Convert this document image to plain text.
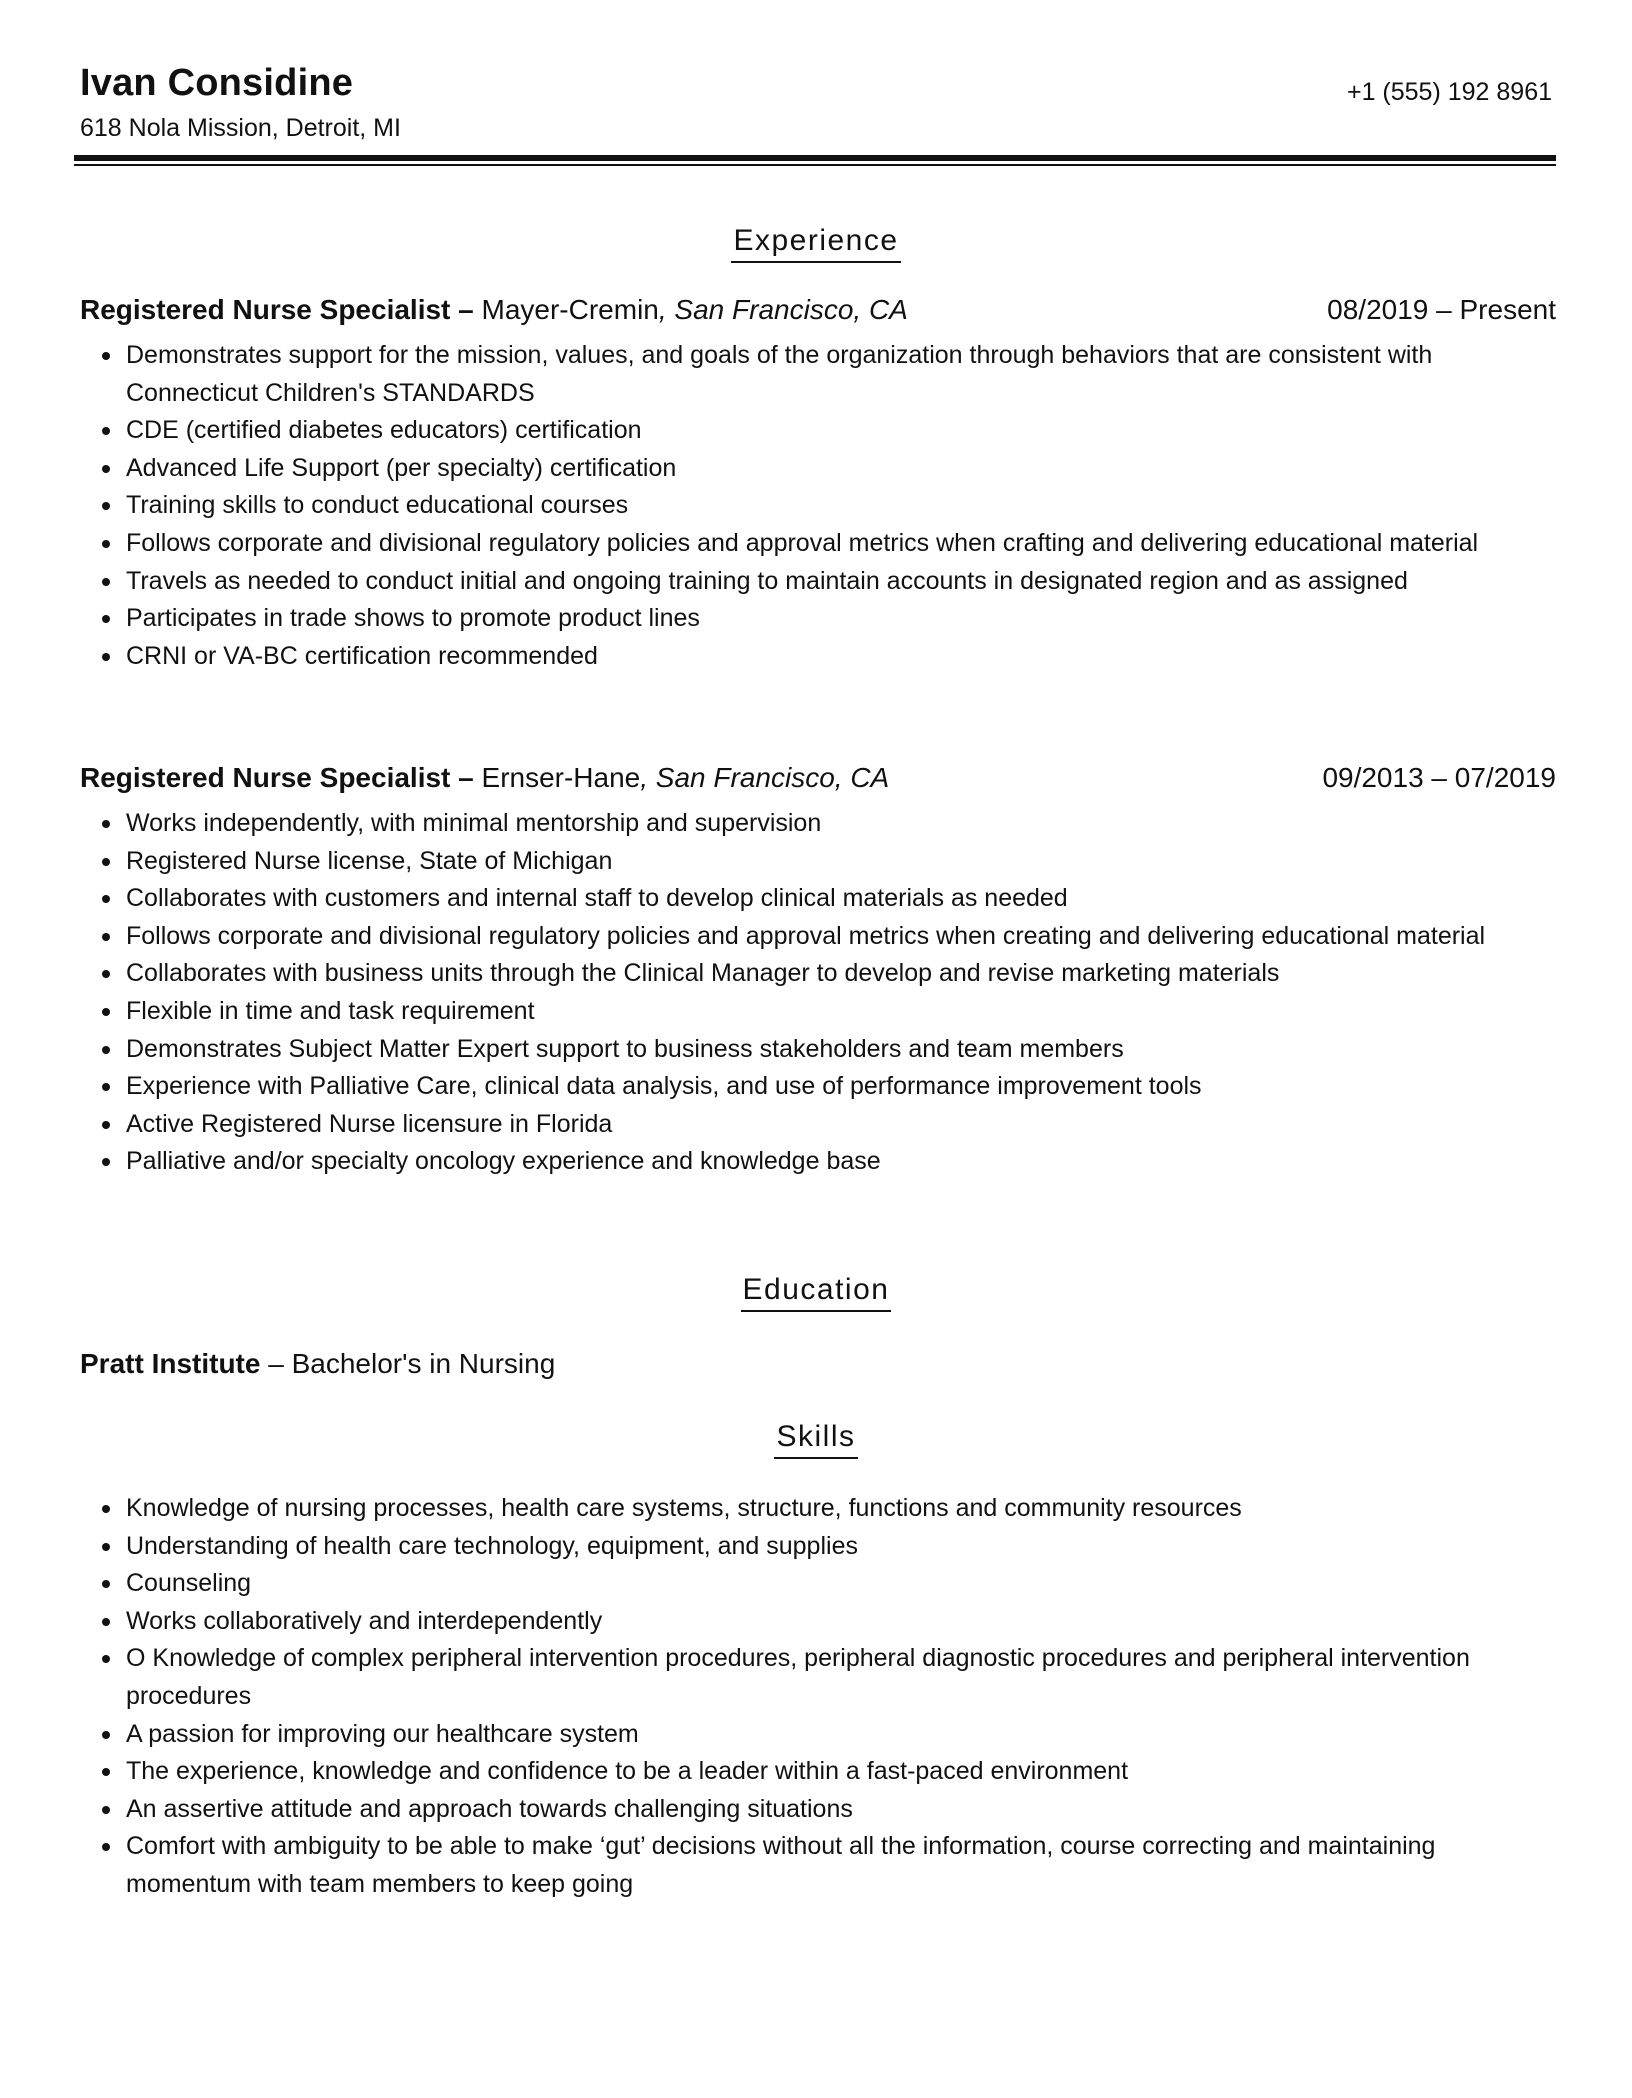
Ivan Considine
618 Nola Mission, Detroit, MI
+1 (555) 192 8961
Experience
Registered Nurse Specialist – Mayer-Cremin, San Francisco, CA	08/2019 – Present
Demonstrates support for the mission, values, and goals of the organization through behaviors that are consistent with Connecticut Children's STANDARDS
CDE (certified diabetes educators) certification
Advanced Life Support (per specialty) certification
Training skills to conduct educational courses
Follows corporate and divisional regulatory policies and approval metrics when crafting and delivering educational material
Travels as needed to conduct initial and ongoing training to maintain accounts in designated region and as assigned
Participates in trade shows to promote product lines
CRNI or VA-BC certification recommended
Registered Nurse Specialist – Ernser-Hane, San Francisco, CA	09/2013 – 07/2019
Works independently, with minimal mentorship and supervision
Registered Nurse license, State of Michigan
Collaborates with customers and internal staff to develop clinical materials as needed
Follows corporate and divisional regulatory policies and approval metrics when creating and delivering educational material
Collaborates with business units through the Clinical Manager to develop and revise marketing materials
Flexible in time and task requirement
Demonstrates Subject Matter Expert support to business stakeholders and team members
Experience with Palliative Care, clinical data analysis, and use of performance improvement tools
Active Registered Nurse licensure in Florida
Palliative and/or specialty oncology experience and knowledge base
Education
Pratt Institute – Bachelor's in Nursing
Skills
Knowledge of nursing processes, health care systems, structure, functions and community resources
Understanding of health care technology, equipment, and supplies
Counseling
Works collaboratively and interdependently
O Knowledge of complex peripheral intervention procedures, peripheral diagnostic procedures and peripheral intervention procedures
A passion for improving our healthcare system
The experience, knowledge and confidence to be a leader within a fast-paced environment
An assertive attitude and approach towards challenging situations
Comfort with ambiguity to be able to make ‘gut’ decisions without all the information, course correcting and maintaining momentum with team members to keep going
